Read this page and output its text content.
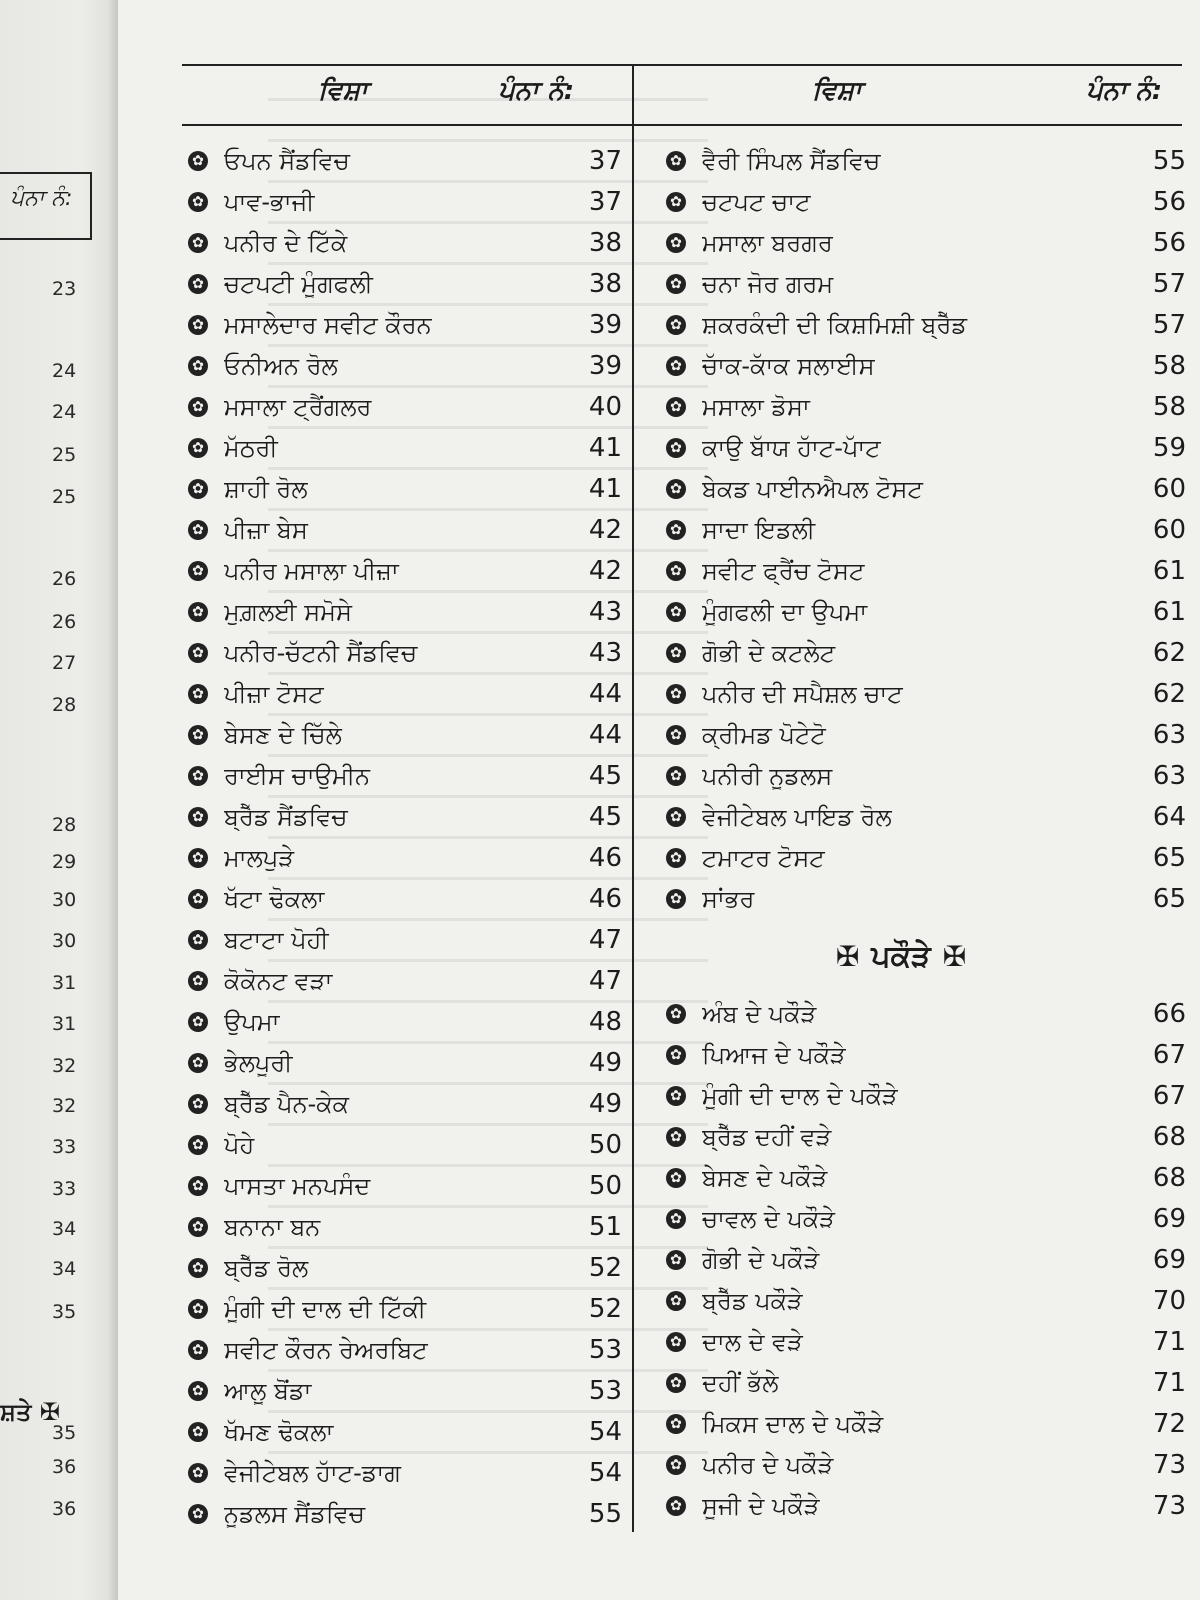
ਪੰਨਾ ਨੰ:
23
24
24
25
25
26
26
27
28
28
29
30
30
31
31
32
32
33
33
34
34
35
35
36
36
ਸ਼ਤੇ ✠
ਵਿਸ਼ਾ	ਪੰਨਾ ਨੰ:	ਵਿਸ਼ਾ	ਪੰਨਾ ਨੰ:
✿ ਓਪਨ ਸੈਂਡਵਿਚ	37
✿ ਪਾਵ-ਭਾਜੀ	37
✿ ਪਨੀਰ ਦੇ ਟਿੱਕੇ	38
✿ ਚਟਪਟੀ ਮੂੰਗਫਲੀ	38
✿ ਮਸਾਲੇਦਾਰ ਸਵੀਟ ਕੌਰਨ	39
✿ ਓਨੀਅਨ ਰੋਲ	39
✿ ਮਸਾਲਾ ਟ੍ਰੈਂਗਲਰ	40
✿ ਮੱਠਰੀ	41
✿ ਸ਼ਾਹੀ ਰੋਲ	41
✿ ਪੀਜ਼ਾ ਬੇਸ	42
✿ ਪਨੀਰ ਮਸਾਲਾ ਪੀਜ਼ਾ	42
✿ ਮੁਗ਼ਲਈ ਸਮੋਸੇ	43
✿ ਪਨੀਰ-ਚੱਟਨੀ ਸੈਂਡਵਿਚ	43
✿ ਪੀਜ਼ਾ ਟੋਸਟ	44
✿ ਬੇਸਣ ਦੇ ਚਿੱਲੇ	44
✿ ਰਾਈਸ ਚਾਉਮੀਨ	45
✿ ਬ੍ਰੈੱਡ ਸੈਂਡਵਿਚ	45
✿ ਮਾਲਪੁੜੇ	46
✿ ਖੱਟਾ ਢੋਕਲਾ	46
✿ ਬਟਾਟਾ ਪੋਹੀ	47
✿ ਕੋਕੋਨਟ ਵੜਾ	47
✿ ਉਪਮਾ	48
✿ ਭੇਲਪੂਰੀ	49
✿ ਬ੍ਰੈੱਡ ਪੈਨ-ਕੇਕ	49
✿ ਪੋਹੇ	50
✿ ਪਾਸਤਾ ਮਨਪਸੰਦ	50
✿ ਬਨਾਨਾ ਬਨ	51
✿ ਬ੍ਰੈੱਡ ਰੋਲ	52
✿ ਮੂੰਗੀ ਦੀ ਦਾਲ ਦੀ ਟਿੱਕੀ	52
✿ ਸਵੀਟ ਕੌਰਨ ਰੇਅਰਬਿਟ	53
✿ ਆਲੂ ਬੋਂਡਾ	53
✿ ਖੱਮਣ ਢੋਕਲਾ	54
✿ ਵੇਜੀਟੇਬਲ ਹਾੱਟ-ਡਾਗ	54
✿ ਨੂਡਲਸ ਸੈਂਡਵਿਚ	55
✿ ਵੈਰੀ ਸਿੰਪਲ ਸੈਂਡਵਿਚ	55
✿ ਚਟਪਟ ਚਾਟ	56
✿ ਮਸਾਲਾ ਬਰਗਰ	56
✿ ਚਨਾ ਜੋਰ ਗਰਮ	57
✿ ਸ਼ਕਰਕੰਦੀ ਦੀ ਕਿਸ਼ਮਿਸ਼ੀ ਬ੍ਰੈੱਡ	57
✿ ਚਾੱਕ-ਕਾੱਕ ਸਲਾਈਸ	58
✿ ਮਸਾਲਾ ਡੋਸਾ	58
✿ ਕਾਉ ਬਾੱਯ ਹਾੱਟ-ਪਾੱਟ	59
✿ ਬੇਕਡ ਪਾਈਨਐਪਲ ਟੋਸਟ	60
✿ ਸਾਦਾ ਇਡਲੀ	60
✿ ਸਵੀਟ ਫ੍ਰੈਂਚ ਟੋਸਟ	61
✿ ਮੂੰਗਫਲੀ ਦਾ ਉਪਮਾ	61
✿ ਗੋਭੀ ਦੇ ਕਟਲੇਟ	62
✿ ਪਨੀਰ ਦੀ ਸਪੈਸ਼ਲ ਚਾਟ	62
✿ ਕ੍ਰੀਮਡ ਪੋਟੇਟੋ	63
✿ ਪਨੀਰੀ ਨੂਡਲਸ	63
✿ ਵੇਜੀਟੇਬਲ ਪਾਇਡ ਰੋਲ	64
✿ ਟਮਾਟਰ ਟੋਸਟ	65
✿ ਸਾਂਭਰ	65
✠ ਪਕੌੜੇ ✠
✿ ਅੰਬ ਦੇ ਪਕੌੜੇ	66
✿ ਪਿਆਜ ਦੇ ਪਕੌੜੇ	67
✿ ਮੂੰਗੀ ਦੀ ਦਾਲ ਦੇ ਪਕੌੜੇ	67
✿ ਬ੍ਰੈੱਡ ਦਹੀਂ ਵੜੇ	68
✿ ਬੇਸਣ ਦੇ ਪਕੌੜੇ	68
✿ ਚਾਵਲ ਦੇ ਪਕੌੜੇ	69
✿ ਗੋਭੀ ਦੇ ਪਕੌੜੇ	69
✿ ਬ੍ਰੈੱਡ ਪਕੌੜੇ	70
✿ ਦਾਲ ਦੇ ਵੜੇ	71
✿ ਦਹੀਂ ਭੱਲੇ	71
✿ ਮਿਕਸ ਦਾਲ ਦੇ ਪਕੌੜੇ	72
✿ ਪਨੀਰ ਦੇ ਪਕੌੜੇ	73
✿ ਸੂਜੀ ਦੇ ਪਕੌੜੇ	73
